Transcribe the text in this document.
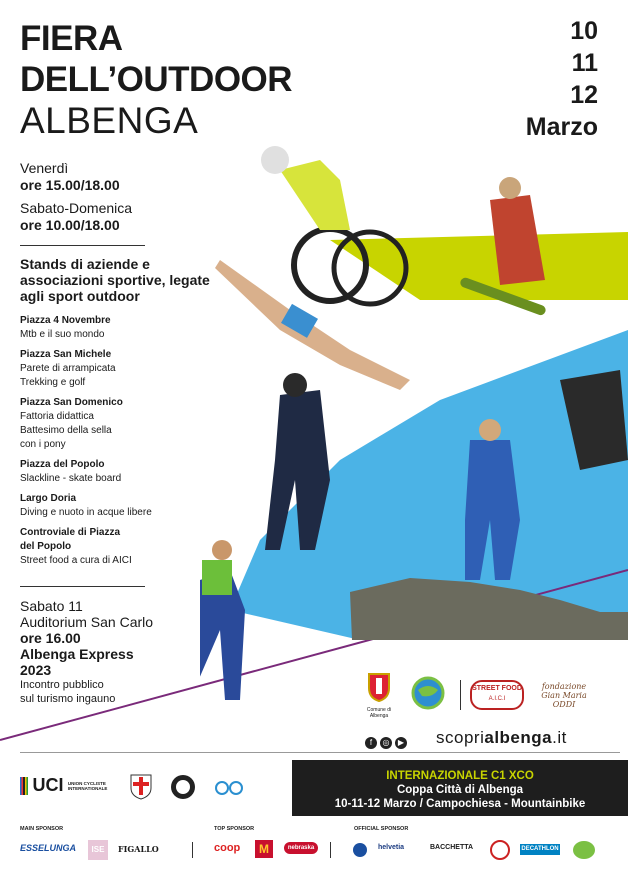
FIERA
DELL’OUTDOOR
ALBENGA
10
11
12
Marzo
Venerdì
ore 15.00/18.00
Sabato-Domenica
ore 10.00/18.00
Stands di aziende e associazioni sportive, legate agli sport outdoor
Piazza 4 Novembre
Mtb e il suo mondo
Piazza San Michele
Parete di arrampicata
Trekking e golf
Piazza San Domenico
Fattoria didattica
Battesimo della sella
con i pony
Piazza del Popolo
Slackline - skate board
Largo Doria
Diving e nuoto in acque libere
Controviale di Piazza del Popolo
Street food a cura di AICI
Sabato 11
Auditorium San Carlo
ore 16.00
Albenga Express
2023
Incontro pubblico
sul turismo ingauno
Comune di Albenga
STREET FOOD
A.I.C.I
fondazione Gian Maria ODDI
f ◎ ▶	scoprialbenga.it
UCI UNION CYCLISTE INTERNATIONALE
INTERNAZIONALE C1 XCO
Coppa Città di Albenga
10-11-12 Marzo / Campochiesa - Mountainbike
MAIN SPONSOR	TOP SPONSOR	OFFICIAL SPONSOR
ESSELUNGA	ISE	FIGALLO	coop	M	nebraska	helvetia	BACCHETTA	DECATHLON
